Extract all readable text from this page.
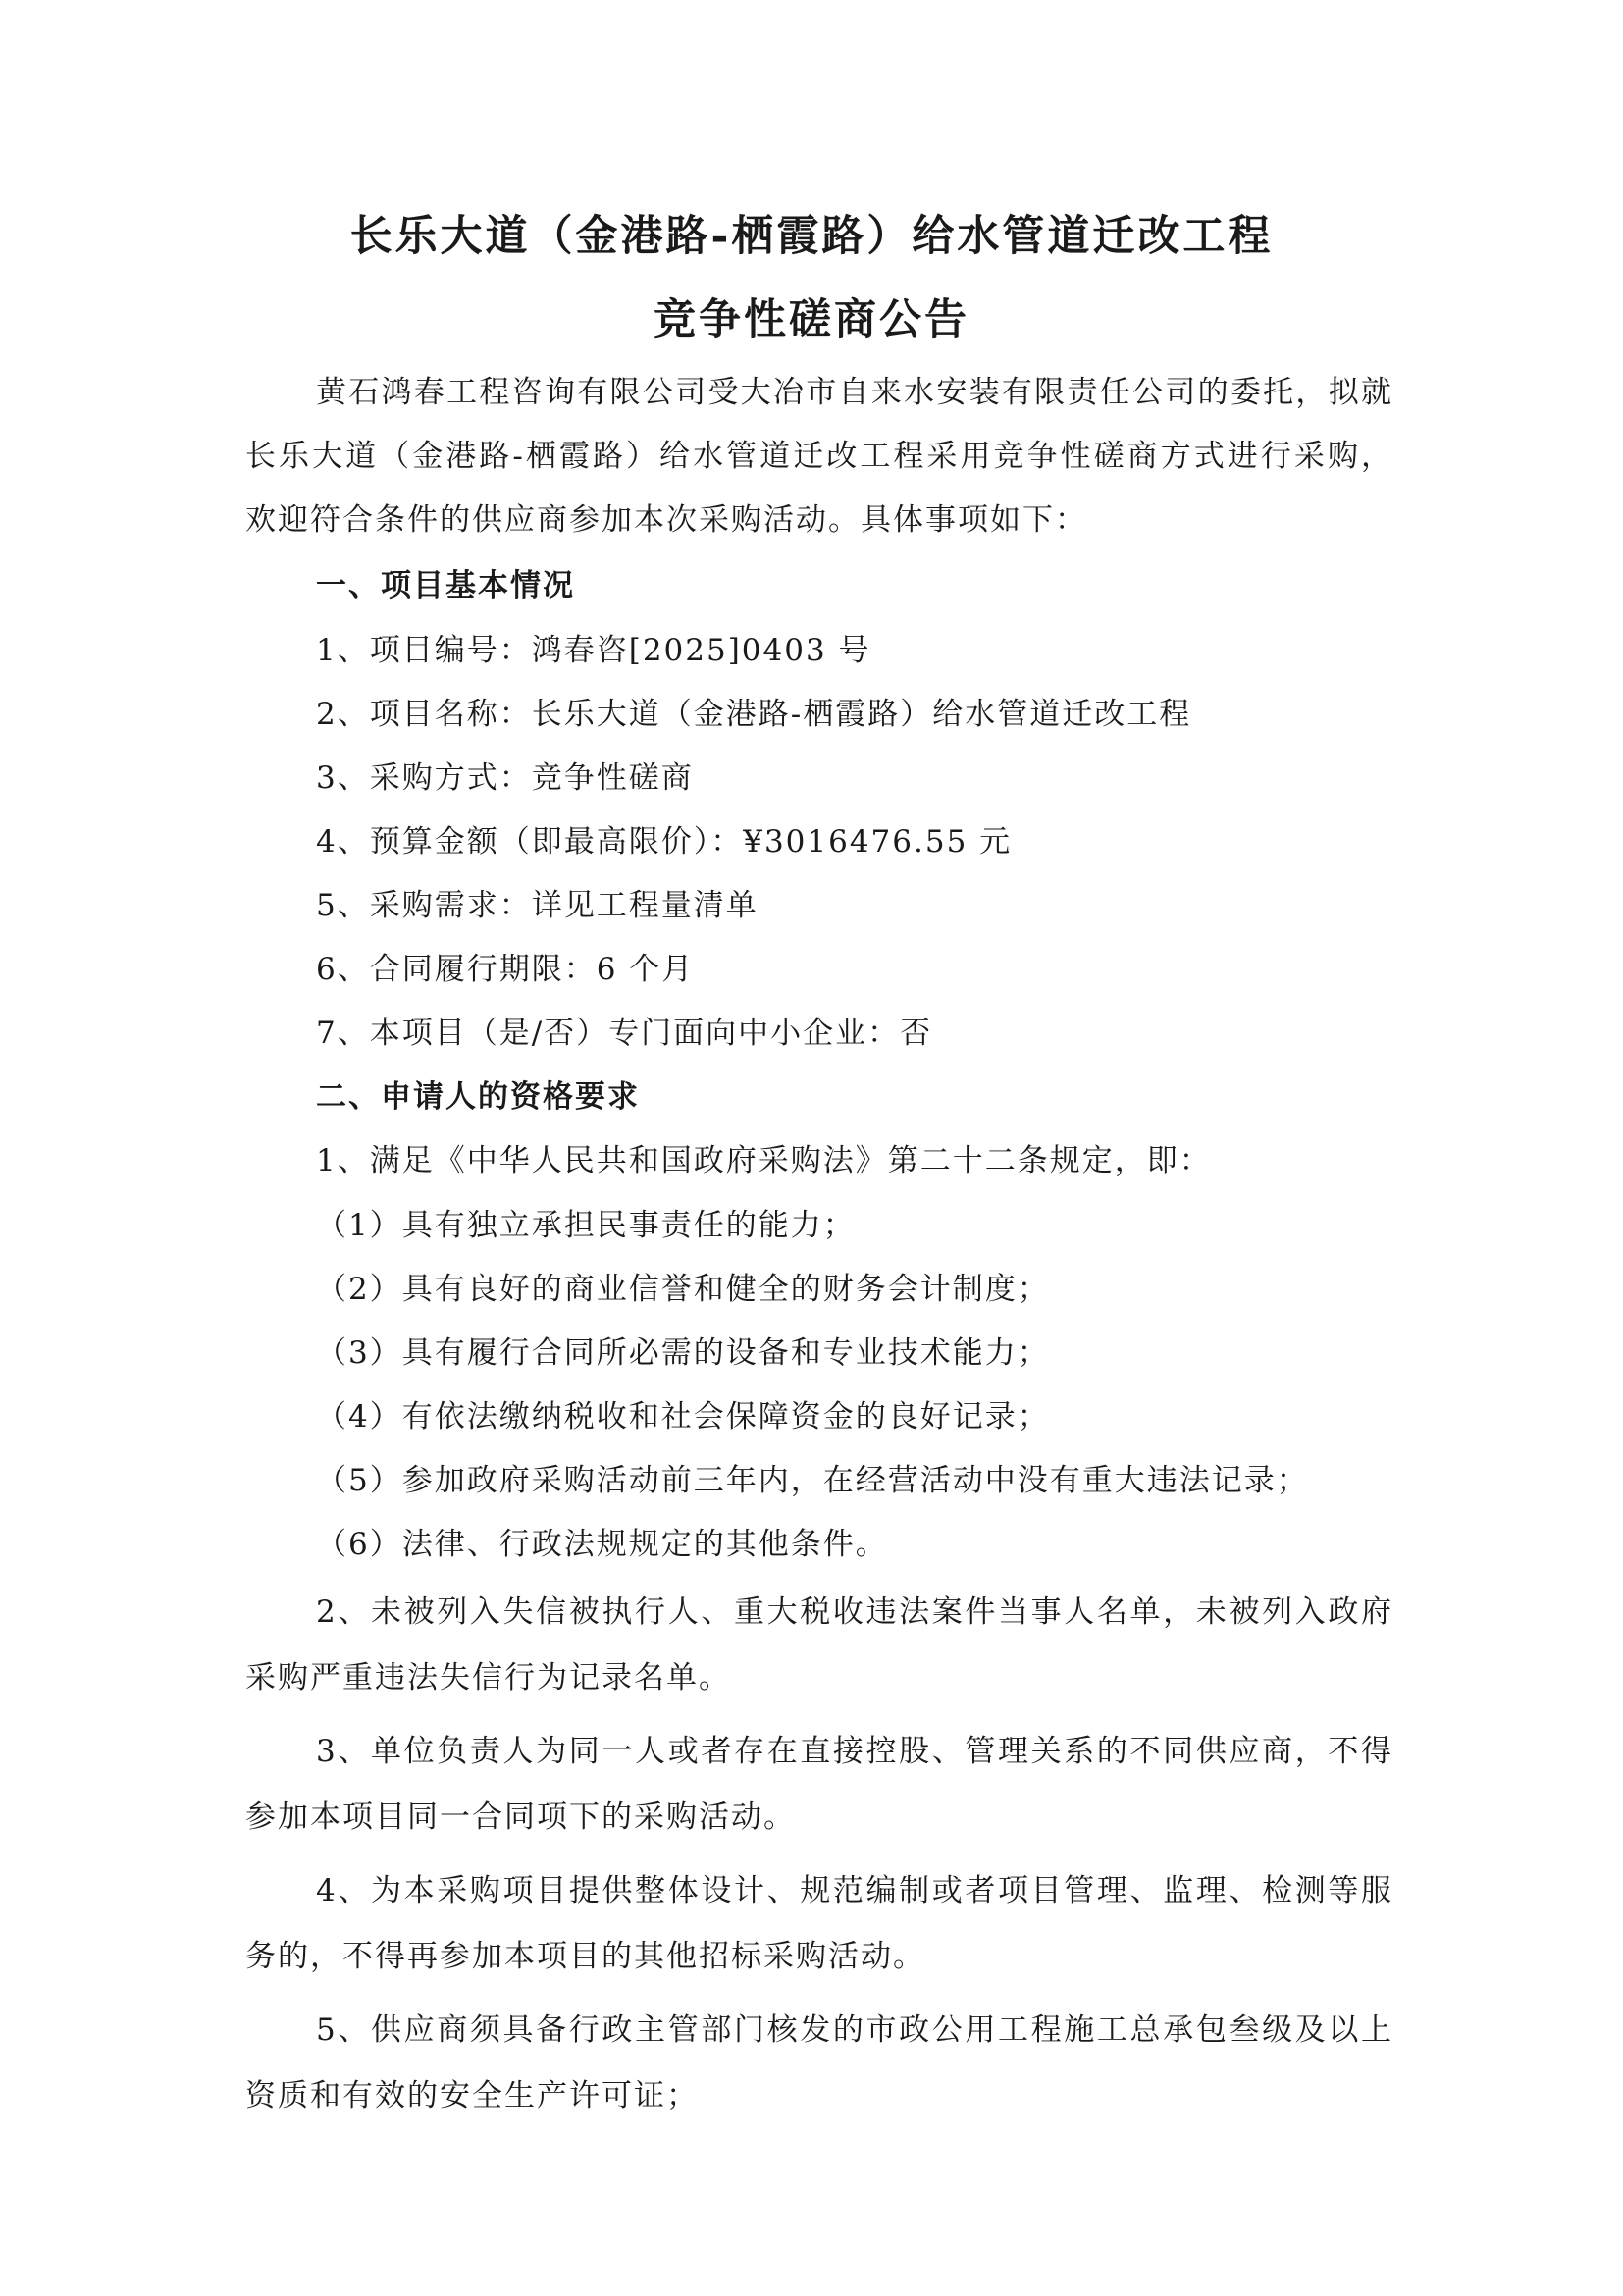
长乐大道（金港路-栖霞路）给水管道迁改工程
竞争性磋商公告
黄石鸿春工程咨询有限公司受大冶市自来水安装有限责任公司的委托，拟就
长乐大道（金港路-栖霞路）给水管道迁改工程采用竞争性磋商方式进行采购，
欢迎符合条件的供应商参加本次采购活动。具体事项如下：
一、项目基本情况
1、项目编号：鸿春咨[2025]0403 号
2、项目名称：长乐大道（金港路-栖霞路）给水管道迁改工程
3、采购方式：竞争性磋商
4、预算金额（即最高限价）：¥3016476.55 元
5、采购需求：详见工程量清单
6、合同履行期限：6 个月
7、本项目（是/否）专门面向中小企业：否
二、申请人的资格要求
1、满足《中华人民共和国政府采购法》第二十二条规定，即：
（1）具有独立承担民事责任的能力；
（2）具有良好的商业信誉和健全的财务会计制度；
（3）具有履行合同所必需的设备和专业技术能力；
（4）有依法缴纳税收和社会保障资金的良好记录；
（5）参加政府采购活动前三年内，在经营活动中没有重大违法记录；
（6）法律、行政法规规定的其他条件。
2、未被列入失信被执行人、重大税收违法案件当事人名单，未被列入政府
采购严重违法失信行为记录名单。
3、单位负责人为同一人或者存在直接控股、管理关系的不同供应商，不得
参加本项目同一合同项下的采购活动。
4、为本采购项目提供整体设计、规范编制或者项目管理、监理、检测等服
务的，不得再参加本项目的其他招标采购活动。
5、供应商须具备行政主管部门核发的市政公用工程施工总承包叁级及以上
资质和有效的安全生产许可证；
